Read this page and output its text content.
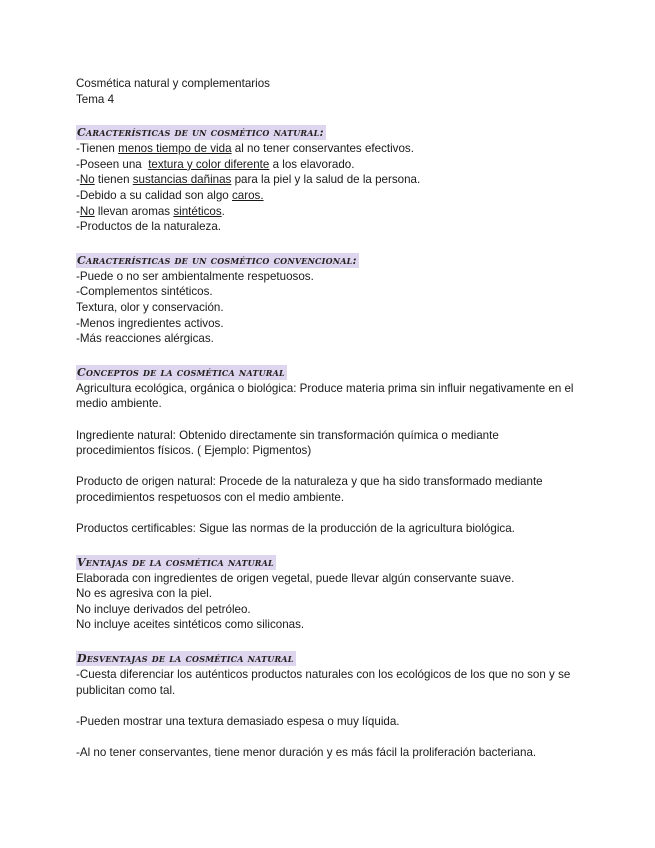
Cosmética natural y complementarios
Tema 4
Características de un cosmético natural:
-Tienen menos tiempo de vida al no tener conservantes efectivos.
-Poseen una  textura y color diferente a los elavorado.
-No tienen sustancias dañinas para la piel y la salud de la persona.
-Debido a su calidad son algo caros.
-No llevan aromas sintéticos.
-Productos de la naturaleza.
Características de un cosmético convencional:
-Puede o no ser ambientalmente respetuosos.
-Complementos sintéticos.
Textura, olor y conservación.
-Menos ingredientes activos.
-Más reacciones alérgicas.
Conceptos de la cosmética natural
Agricultura ecológica, orgánica o biológica: Produce materia prima sin influir negativamente en el medio ambiente.
Ingrediente natural: Obtenido directamente sin transformación química o mediante procedimientos físicos. ( Ejemplo: Pigmentos)
Producto de origen natural: Procede de la naturaleza y que ha sido transformado mediante procedimientos respetuosos con el medio ambiente.
Productos certificables: Sigue las normas de la producción de la agricultura biológica.
Ventajas de la cosmética natural
Elaborada con ingredientes de origen vegetal, puede llevar algún conservante suave.
No es agresiva con la piel.
No incluye derivados del petróleo.
No incluye aceites sintéticos como siliconas.
Desventajas de la cosmética natural
-Cuesta diferenciar los auténticos productos naturales con los ecológicos de los que no son y se publicitan como tal.
-Pueden mostrar una textura demasiado espesa o muy líquida.
-Al no tener conservantes, tiene menor duración y es más fácil la proliferación bacteriana.
